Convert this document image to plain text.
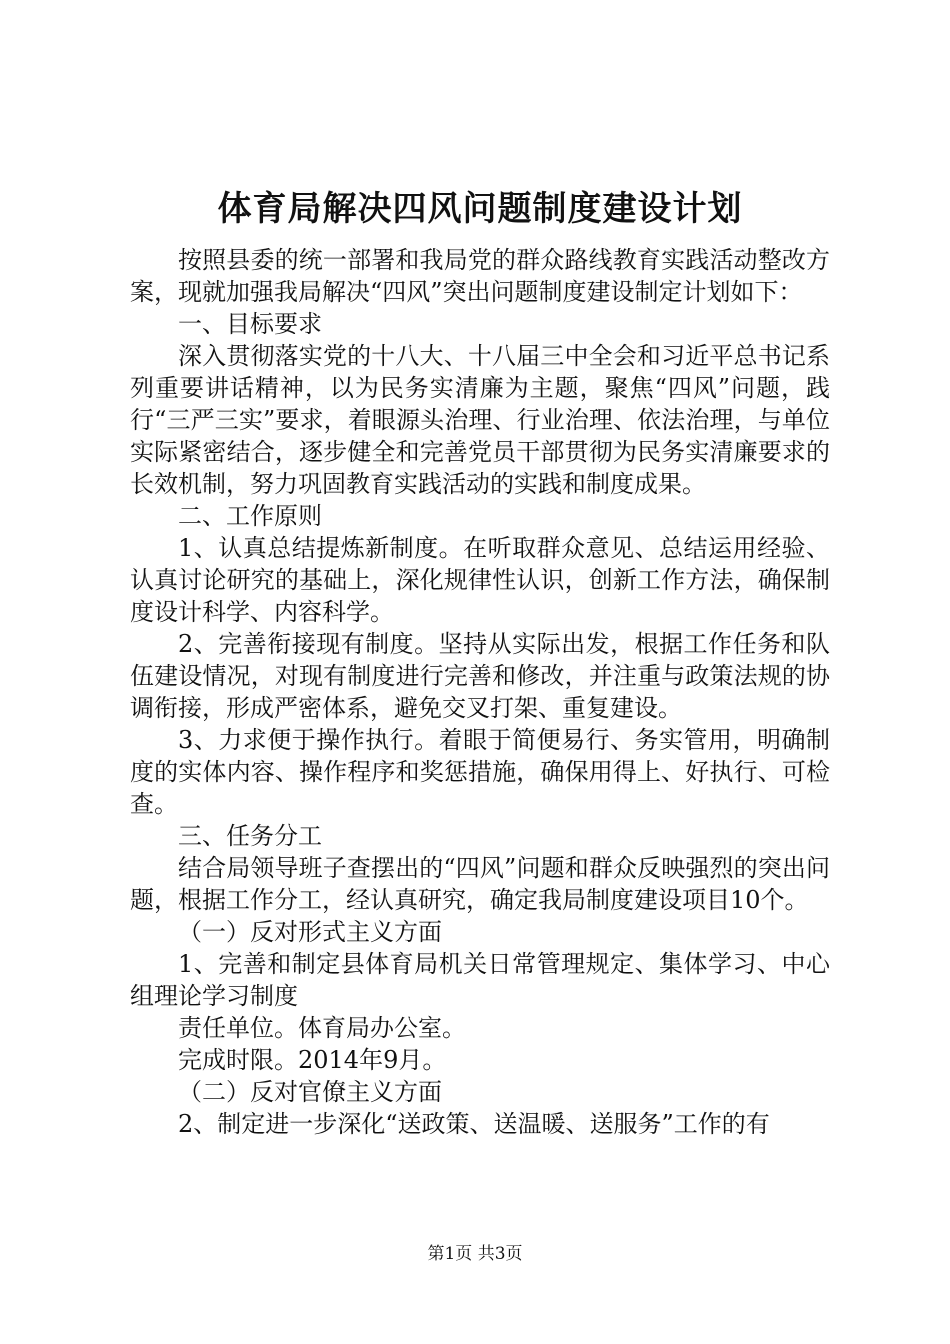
体育局解决四风问题制度建设计划

按照县委的统一部署和我局党的群众路线教育实践活动整改方案，现就加强我局解决“四风”突出问题制度建设制定计划如下：

一、目标要求

深入贯彻落实党的十八大、十八届三中全会和习近平总书记系列重要讲话精神，以为民务实清廉为主题，聚焦“四风”问题，践行“三严三实”要求，着眼源头治理、行业治理、依法治理，与单位实际紧密结合，逐步健全和完善党员干部贯彻为民务实清廉要求的长效机制，努力巩固教育实践活动的实践和制度成果。

二、工作原则

1、认真总结提炼新制度。在听取群众意见、总结运用经验、认真讨论研究的基础上，深化规律性认识，创新工作方法，确保制度设计科学、内容科学。

2、完善衔接现有制度。坚持从实际出发，根据工作任务和队伍建设情况，对现有制度进行完善和修改，并注重与政策法规的协调衔接，形成严密体系，避免交叉打架、重复建设。

3、力求便于操作执行。着眼于简便易行、务实管用，明确制度的实体内容、操作程序和奖惩措施，确保用得上、好执行、可检查。

三、任务分工

结合局领导班子查摆出的“四风”问题和群众反映强烈的突出问题，根据工作分工，经认真研究，确定我局制度建设项目10个。

（一）反对形式主义方面

1、完善和制定县体育局机关日常管理规定、集体学习、中心组理论学习制度

责任单位。体育局办公室。

完成时限。2014年9月。

（二）反对官僚主义方面

2、制定进一步深化“送政策、送温暖、送服务”工作的有

第1页 共3页
